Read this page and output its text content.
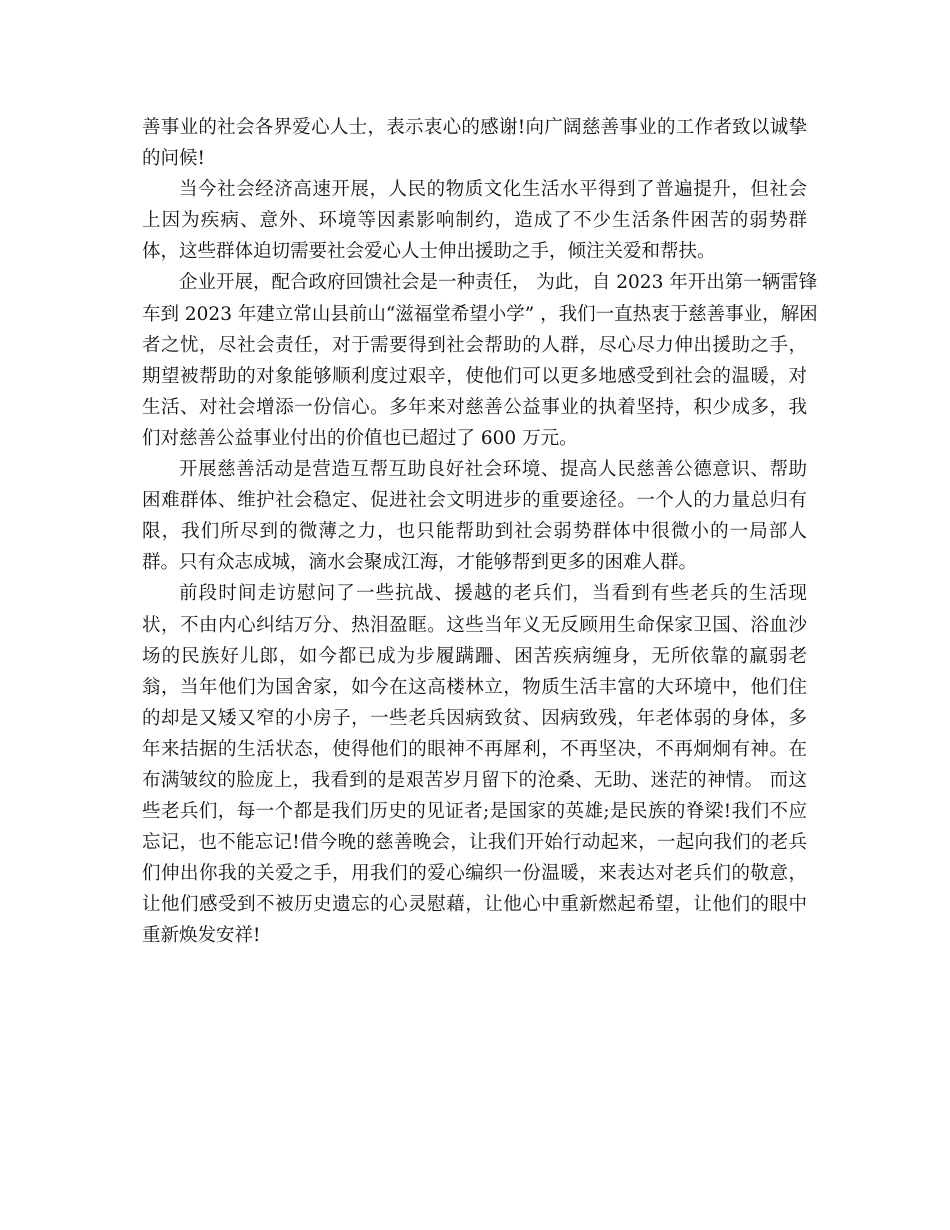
善事业的社会各界爱心人士，表示衷心的感谢!向广阔慈善事业的工作者致以诚挚
的问候!
当今社会经济高速开展，人民的物质文化生活水平得到了普遍提升，但社会
上因为疾病、意外、环境等因素影响制约，造成了不少生活条件困苦的弱势群
体，这些群体迫切需要社会爱心人士伸出援助之手，倾注关爱和帮扶。
企业开展，配合政府回馈社会是一种责任， 为此，自 2023 年开出第一辆雷锋
车到 2023 年建立常山县前山“滋福堂希望小学” ，我们一直热衷于慈善事业，解困
者之忧，尽社会责任，对于需要得到社会帮助的人群，尽心尽力伸出援助之手，
期望被帮助的对象能够顺利度过艰辛，使他们可以更多地感受到社会的温暖，对
生活、对社会增添一份信心。多年来对慈善公益事业的执着坚持，积少成多，我
们对慈善公益事业付出的价值也已超过了 600 万元。
开展慈善活动是营造互帮互助良好社会环境、提高人民慈善公德意识、帮助
困难群体、维护社会稳定、促进社会文明进步的重要途径。一个人的力量总归有
限，我们所尽到的微薄之力，也只能帮助到社会弱势群体中很微小的一局部人
群。只有众志成城，滴水会聚成江海，才能够帮到更多的困难人群。
前段时间走访慰问了一些抗战、援越的老兵们，当看到有些老兵的生活现
状，不由内心纠结万分、热泪盈眶。这些当年义无反顾用生命保家卫国、浴血沙
场的民族好儿郎，如今都已成为步履蹒跚、困苦疾病缠身，无所依靠的羸弱老
翁，当年他们为国舍家，如今在这高楼林立，物质生活丰富的大环境中，他们住
的却是又矮又窄的小房子，一些老兵因病致贫、因病致残，年老体弱的身体，多
年来拮据的生活状态，使得他们的眼神不再犀利，不再坚决，不再炯炯有神。在
布满皱纹的脸庞上，我看到的是艰苦岁月留下的沧桑、无助、迷茫的神情。 而这
些老兵们，每一个都是我们历史的见证者;是国家的英雄;是民族的脊梁!我们不应
忘记，也不能忘记!借今晚的慈善晚会，让我们开始行动起来，一起向我们的老兵
们伸出你我的关爱之手，用我们的爱心编织一份温暖，来表达对老兵们的敬意，
让他们感受到不被历史遗忘的心灵慰藉，让他心中重新燃起希望，让他们的眼中
重新焕发安祥!
